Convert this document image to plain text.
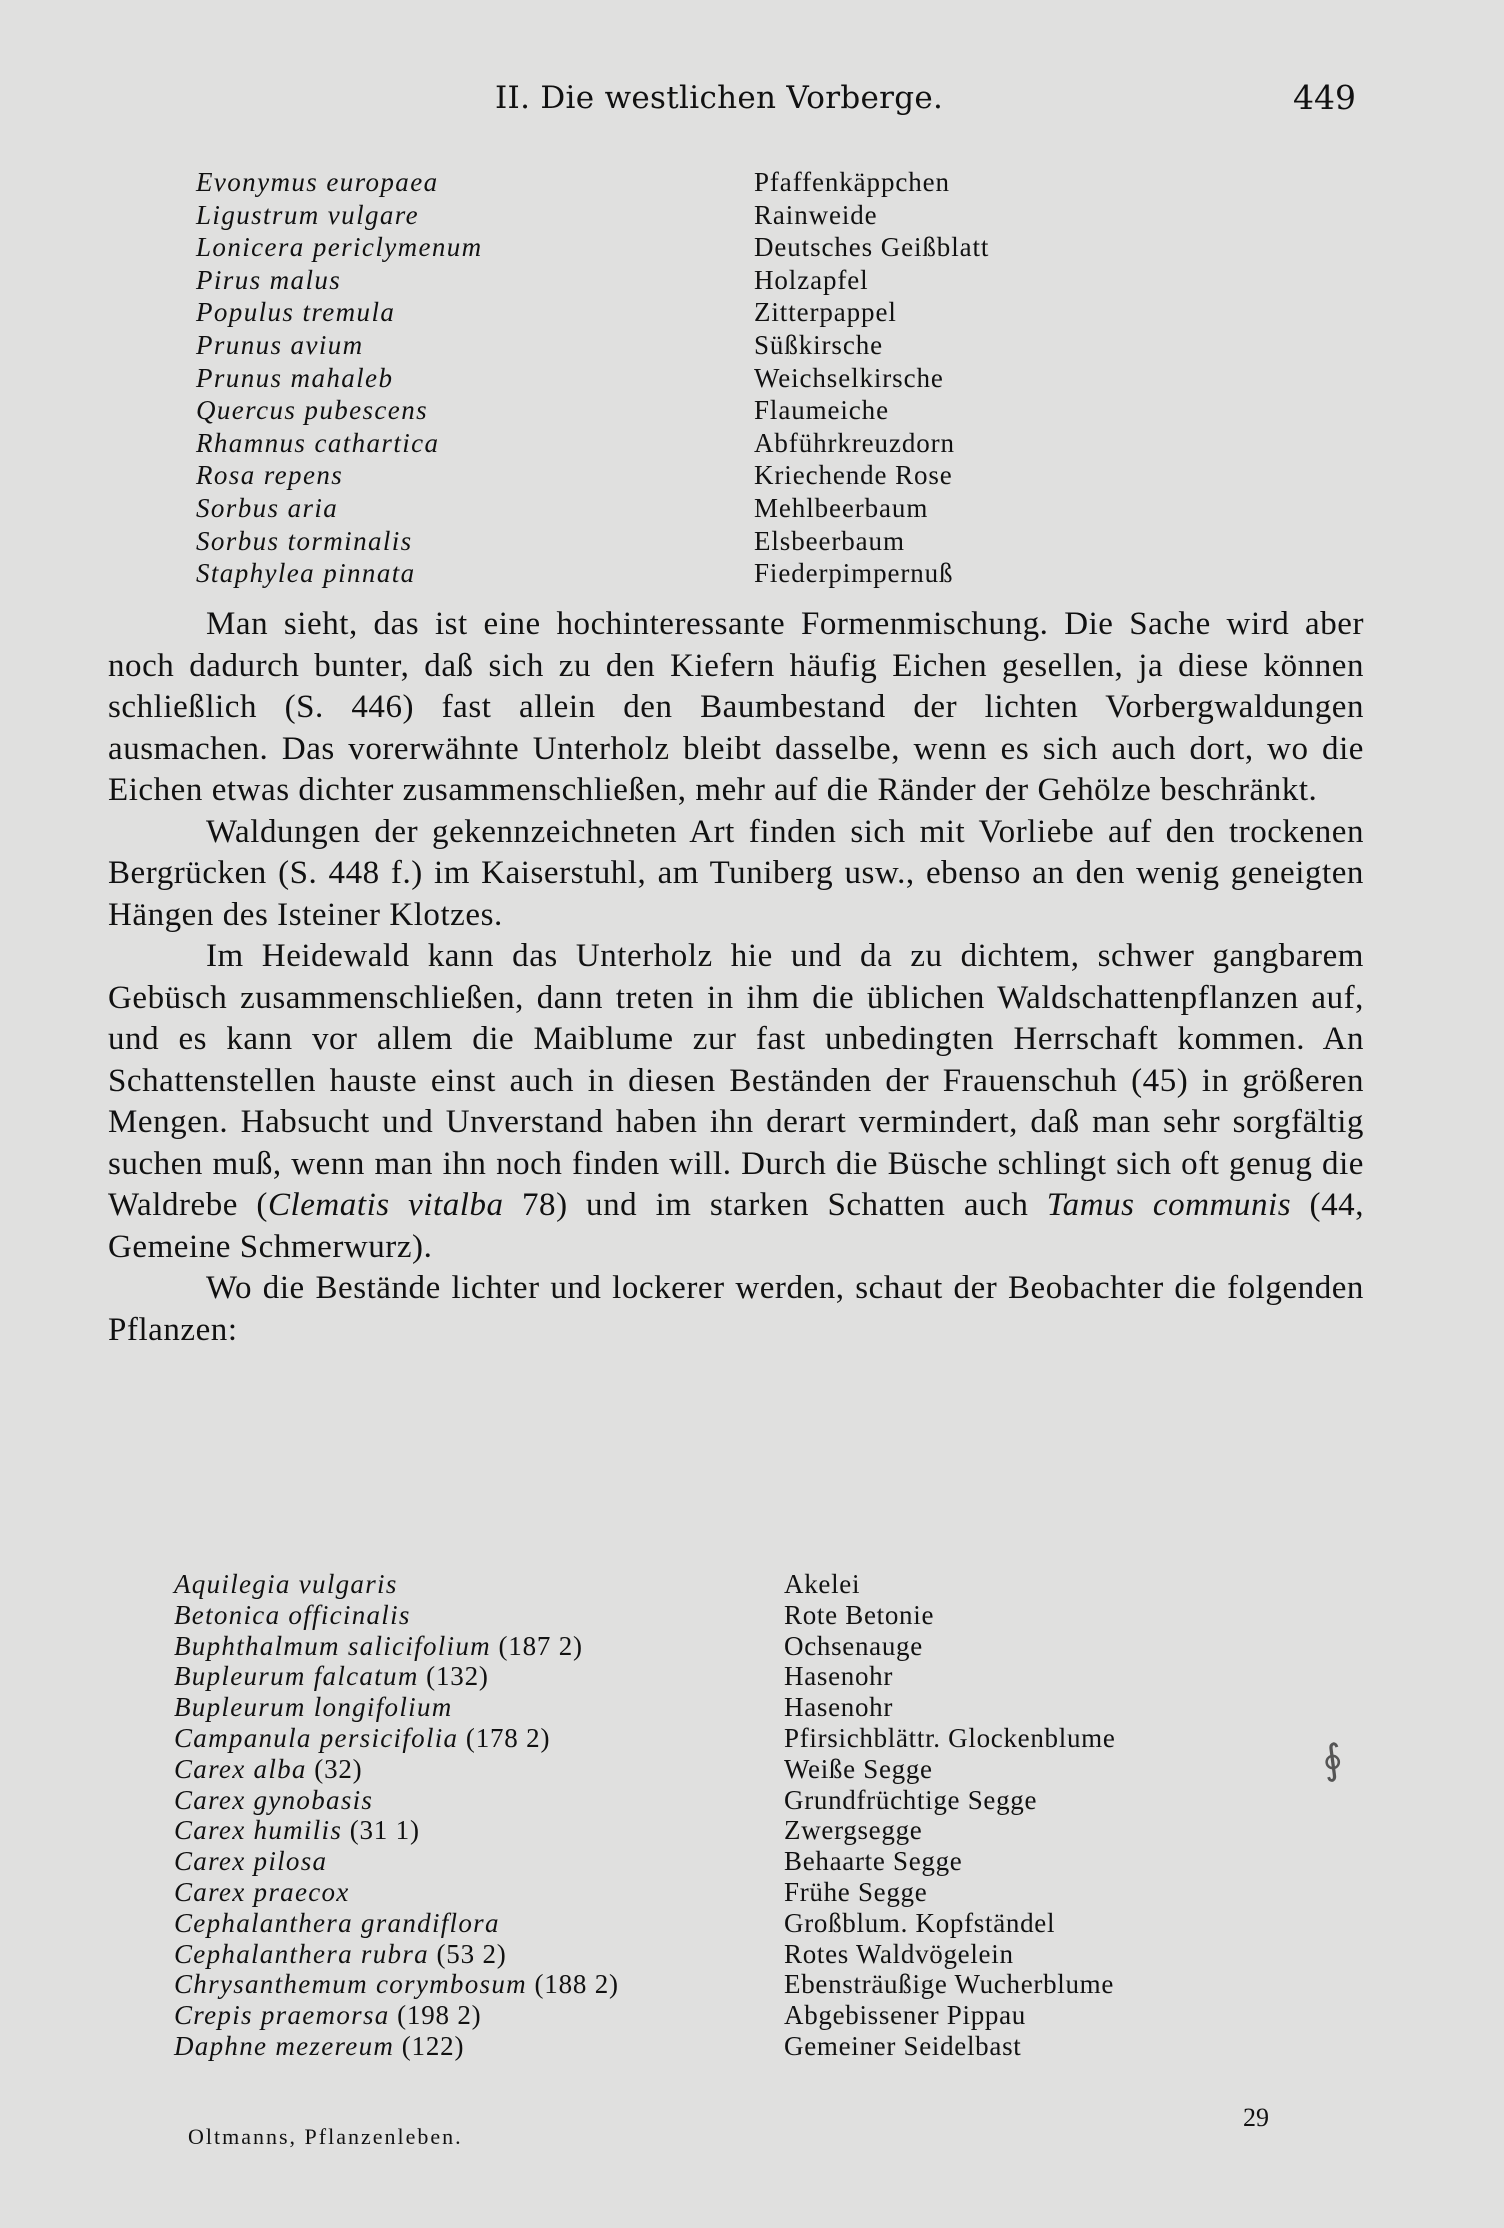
II. Die westlichen Vorberge.	449
Evonymus europaea	Pfaffenkäppchen
Ligustrum vulgare	Rainweide
Lonicera periclymenum	Deutsches Geißblatt
Pirus malus	Holzapfel
Populus tremula	Zitterpappel
Prunus avium	Süßkirsche
Prunus mahaleb	Weichselkirsche
Quercus pubescens	Flaumeiche
Rhamnus cathartica	Abführkreuzdorn
Rosa repens	Kriechende Rose
Sorbus aria	Mehlbeerbaum
Sorbus torminalis	Elsbeerbaum
Staphylea pinnata	Fiederpimpernuß

Man sieht, das ist eine hochinteressante Formenmischung. Die Sache wird aber noch dadurch bunter, daß sich zu den Kiefern häufig Eichen gesellen, ja diese können schließlich (S. 446) fast allein den Baumbestand der lichten Vorbergwaldungen ausmachen. Das vorerwähnte Unterholz bleibt dasselbe, wenn es sich auch dort, wo die Eichen etwas dichter zusammenschließen, mehr auf die Ränder der Gehölze beschränkt.

Waldungen der gekennzeichneten Art finden sich mit Vorliebe auf den trockenen Bergrücken (S. 448 f.) im Kaiserstuhl, am Tuniberg usw., ebenso an den wenig geneigten Hängen des Isteiner Klotzes.

Im Heidewald kann das Unterholz hie und da zu dichtem, schwer gangbarem Gebüsch zusammenschließen, dann treten in ihm die üblichen Waldschattenpflanzen auf, und es kann vor allem die Maiblume zur fast unbedingten Herrschaft kommen. An Schattenstellen hauste einst auch in diesen Beständen der Frauenschuh (45) in größeren Mengen. Habsucht und Unverstand haben ihn derart vermindert, daß man sehr sorgfältig suchen muß, wenn man ihn noch finden will. Durch die Büsche schlingt sich oft genug die Waldrebe (Clematis vitalba 78) und im starken Schatten auch Tamus communis (44, Gemeine Schmerwurz).

Wo die Bestände lichter und lockerer werden, schaut der Beobachter die folgenden Pflanzen:

Aquilegia vulgaris	Akelei
Betonica officinalis	Rote Betonie
Buphthalmum salicifolium (187 2)	Ochsenauge
Bupleurum falcatum (132)	Hasenohr
Bupleurum longifolium	Hasenohr
Campanula persicifolia (178 2)	Pfirsichblättr. Glockenblume
Carex alba (32)	Weiße Segge
Carex gynobasis	Grundfrüchtige Segge
Carex humilis (31 1)	Zwergsegge
Carex pilosa	Behaarte Segge
Carex praecox	Frühe Segge
Cephalanthera grandiflora	Großblum. Kopfständel
Cephalanthera rubra (53 2)	Rotes Waldvögelein
Chrysanthemum corymbosum (188 2)	Ebensträußige Wucherblume
Crepis praemorsa (198 2)	Abgebissener Pippau
Daphne mezereum (122)	Gemeiner Seidelbast
∮
Oltmanns, Pflanzenleben.
29
